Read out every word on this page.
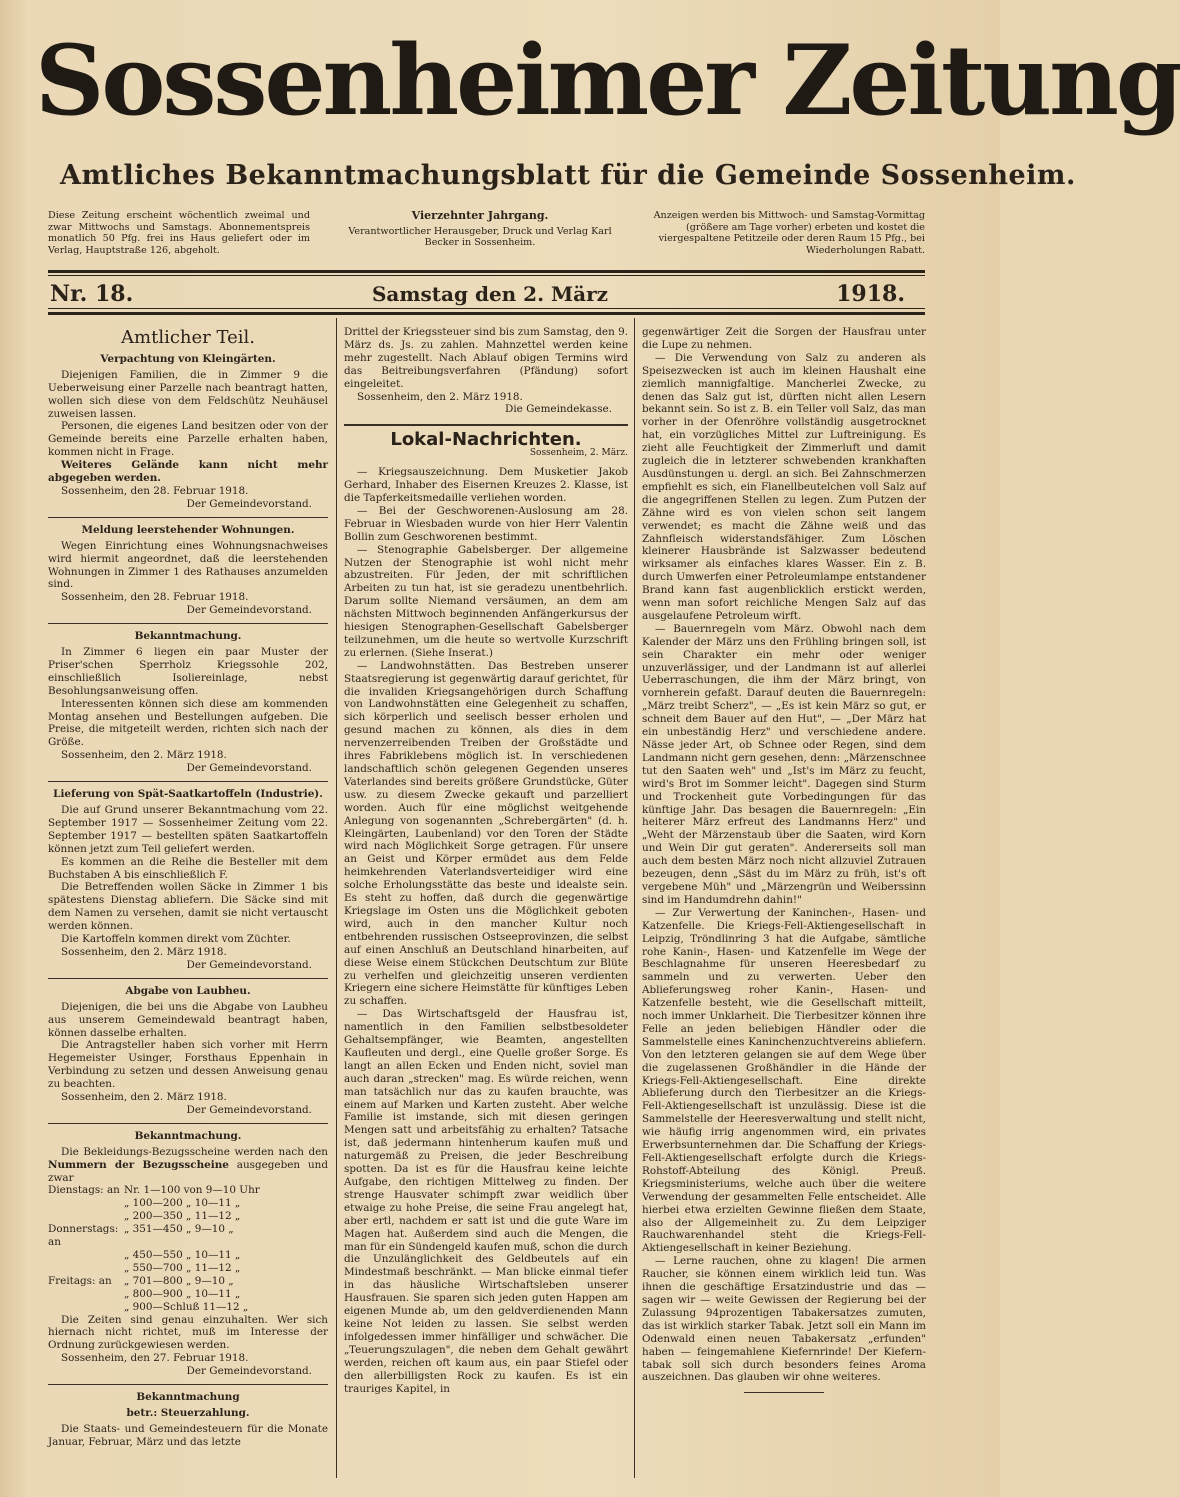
Sossenheimer Zeitung
Amtliches Bekanntmachungsblatt für die Gemeinde Sossenheim.
Diese Zeitung erscheint wöchentlich zweimal und zwar Mittwochs und Samstags. Abonnementspreis monatlich 50 Pfg. frei ins Haus geliefert oder im Verlag, Hauptstraße 126, abgeholt.
Vierzehnter Jahrgang.
Verantwortlicher Herausgeber, Druck und Verlag Karl Becker in Sossenheim.
Anzeigen werden bis Mittwoch- und Samstag-Vormittag (größere am Tage vorher) erbeten und kostet die viergespaltene Petitzeile oder deren Raum 15 Pfg., bei Wiederholungen Rabatt.
Nr. 18.	Samstag den 2. März	1918.
Amtlicher Teil.
Verpachtung von Kleingärten.

Diejenigen Familien, die in Zimmer 9 die Ueberweisung einer Parzelle nach beantragt hatten, wollen sich diese von dem Feldschütz Neuhäusel zuweisen lassen.

Personen, die eigenes Land besitzen oder von der Gemeinde bereits eine Parzelle erhalten haben, kommen nicht in Frage.

Weiteres Gelände kann nicht mehr abgegeben werden.

Sossenheim, den 28. Februar 1918.
Der Gemeindevorstand.
Meldung leerstehender Wohnungen.

Wegen Einrichtung eines Wohnungsnachweises wird hiermit angeordnet, daß die leerstehenden Wohnungen in Zimmer 1 des Rathauses anzumelden sind.

Sossenheim, den 28. Februar 1918.
Der Gemeindevorstand.
Bekanntmachung.

In Zimmer 6 liegen ein paar Muster der Priser'schen Sperrholz Kriegssohle 202, einschließlich Isoliereinlage, nebst Besohlungsanweisung offen.

Interessenten können sich diese am kommenden Montag ansehen und Bestellungen aufgeben. Die Preise, die mitgeteilt werden, richten sich nach der Größe.

Sossenheim, den 2. März 1918.
Der Gemeindevorstand.
Lieferung von Spät-Saatkartoffeln (Industrie).

Die auf Grund unserer Bekanntmachung vom 22. September 1917 — Sossenheimer Zeitung vom 22. September 1917 — bestellten späten Saatkartoffeln können jetzt zum Teil geliefert werden.

Es kommen an die Reihe die Besteller mit dem Buchstaben A bis einschließlich F.

Die Betreffenden wollen Säcke in Zimmer 1 bis spätestens Dienstag abliefern. Die Säcke sind mit dem Namen zu versehen, damit sie nicht vertauscht werden können.

Die Kartoffeln kommen direkt vom Züchter.

Sossenheim, den 2. März 1918.
Der Gemeindevorstand.
Abgabe von Laubheu.

Diejenigen, die bei uns die Abgabe von Laubheu aus unserem Gemeindewald beantragt haben, können dasselbe erhalten.

Die Antragsteller haben sich vorher mit Herrn Hegemeister Usinger, Forsthaus Eppenhain in Verbindung zu setzen und dessen Anweisung genau zu beachten.

Sossenheim, den 2. März 1918.
Der Gemeindevorstand.
Bekanntmachung.

Die Bekleidungs-Bezugsscheine werden nach den Nummern der Bezugsscheine ausgegeben und zwar

Dienstags: an Nr. 1—100 von 9—10 Uhr
„ 100—200 „ 10—11 „
„ 200—350 „ 11—12 „
Donnerstags: an
„ 351—450 „ 9—10 „
„ 450—550 „ 10—11 „
„ 550—700 „ 11—12 „
Freitags: an	„ 701—800 „ 9—10 „
„ 800—900 „ 10—11 „
„ 900—Schluß 11—12 „

Die Zeiten sind genau einzuhalten. Wer sich hiernach nicht richtet, muß im Interesse der Ordnung zurückgewiesen werden.

Sossenheim, den 27. Februar 1918.
Der Gemeindevorstand.
Bekanntmachung
betr.: Steuerzahlung.

Die Staats- und Gemeindesteuern für die Monate Januar, Februar, März und das letzte

Drittel der Kriegssteuer sind bis zum Samstag, den 9. März ds. Js. zu zahlen. Mahnzettel werden keine mehr zugestellt. Nach Ablauf obigen Termins wird das Beitreibungsverfahren (Pfändung) sofort eingeleitet.

Sossenheim, den 2. März 1918.
Die Gemeindekasse.
Lokal-Nachrichten.
Sossenheim, 2. März.

— Kriegsauszeichnung. Dem Musketier Jakob Gerhard, Inhaber des Eisernen Kreuzes 2. Klasse, ist die Tapferkeitsmedaille verliehen worden.

— Bei der Geschworenen-Auslosung am 28. Februar in Wiesbaden wurde von hier Herr Valentin Bollin zum Geschworenen bestimmt.

— Stenographie Gabelsberger. Der allgemeine Nutzen der Stenographie ist wohl nicht mehr abzustreiten. Für Jeden, der mit schriftlichen Arbeiten zu tun hat, ist sie geradezu unentbehrlich. Darum sollte Niemand versäumen, an dem am nächsten Mittwoch beginnenden Anfängerkursus der hiesigen Stenographen-Gesellschaft Gabelsberger teilzunehmen, um die heute so wertvolle Kurzschrift zu erlernen. (Siehe Inserat.)

— Landwohnstätten. Das Bestreben unserer Staatsregierung ist gegenwärtig darauf gerichtet, für die invaliden Kriegsangehörigen durch Schaffung von Landwohnstätten eine Gelegenheit zu schaffen, sich körperlich und seelisch besser erholen und gesund machen zu können, als dies in dem nervenzerreibenden Treiben der Großstädte und ihres Fabriklebens möglich ist. In verschiedenen landschaftlich schön gelegenen Gegenden unseres Vaterlandes sind bereits größere Grundstücke, Güter usw. zu diesem Zwecke gekauft und parzelliert worden. Auch für eine möglichst weitgehende Anlegung von sogenannten „Schrebergärten" (d. h. Kleingärten, Laubenland) vor den Toren der Städte wird nach Möglichkeit Sorge getragen. Für unsere an Geist und Körper ermüdet aus dem Felde heimkehrenden Vaterlandsverteidiger wird eine solche Erholungsstätte das beste und idealste sein. Es steht zu hoffen, daß durch die gegenwärtige Kriegslage im Osten uns die Möglichkeit geboten wird, auch in den mancher Kultur noch entbehrenden russischen Ostseeprovinzen, die selbst auf einen Anschluß an Deutschland hinarbeiten, auf diese Weise einem Stückchen Deutschtum zur Blüte zu verhelfen und gleichzeitig unseren verdienten Kriegern eine sichere Heimstätte für künftiges Leben zu schaffen.

— Das Wirtschaftsgeld der Hausfrau ist, namentlich in den Familien selbstbesoldeter Gehaltsempfänger, wie Beamten, angestellten Kaufleuten und dergl., eine Quelle großer Sorge. Es langt an allen Ecken und Enden nicht, soviel man auch daran „strecken" mag. Es würde reichen, wenn man tatsächlich nur das zu kaufen brauchte, was einem auf Marken und Karten zusteht. Aber welche Familie ist imstande, sich mit diesen geringen Mengen satt und arbeitsfähig zu erhalten? Tatsache ist, daß jedermann hintenherum kaufen muß und naturgemäß zu Preisen, die jeder Beschreibung spotten. Da ist es für die Hausfrau keine leichte Aufgabe, den richtigen Mittelweg zu finden. Der strenge Hausvater schimpft zwar weidlich über etwaige zu hohe Preise, die seine Frau angelegt hat, aber ertl, nachdem er satt ist und die gute Ware im Magen hat. Außerdem sind auch die Mengen, die man für ein Sündengeld kaufen muß, schon die durch die Unzulänglichkeit des Geldbeutels auf ein Mindestmaß beschränkt. — Man blicke einmal tiefer in das häusliche Wirtschaftsleben unserer Hausfrauen. Sie sparen sich jeden guten Happen am eigenen Munde ab, um den geldverdienenden Mann keine Not leiden zu lassen. Sie selbst werden infolgedessen immer hinfälliger und schwächer. Die „Teuerungszulagen", die neben dem Gehalt gewährt werden, reichen oft kaum aus, ein paar Stiefel oder den allerbilligsten Rock zu kaufen. Es ist ein trauriges Kapitel, in

gegenwärtiger Zeit die Sorgen der Hausfrau unter die Lupe zu nehmen.

— Die Verwendung von Salz zu anderen als Speisezwecken ist auch im kleinen Haushalt eine ziemlich mannigfaltige. Mancherlei Zwecke, zu denen das Salz gut ist, dürften nicht allen Lesern bekannt sein. So ist z. B. ein Teller voll Salz, das man vorher in der Ofenröhre vollständig ausgetrocknet hat, ein vorzügliches Mittel zur Luftreinigung. Es zieht alle Feuchtigkeit der Zimmerluft und damit zugleich die in letzterer schwebenden krankhaften Ausdünstungen u. dergl. an sich. Bei Zahnschmerzen empfiehlt es sich, ein Flanellbeutelchen voll Salz auf die angegriffenen Stellen zu legen. Zum Putzen der Zähne wird es von vielen schon seit langem verwendet; es macht die Zähne weiß und das Zahnfleisch widerstandsfähiger. Zum Löschen kleinerer Hausbrände ist Salzwasser bedeutend wirksamer als einfaches klares Wasser. Ein z. B. durch Umwerfen einer Petroleumlampe entstandener Brand kann fast augenblicklich erstickt werden, wenn man sofort reichliche Mengen Salz auf das ausgelaufene Petroleum wirft.

— Bauernregeln vom März. Obwohl nach dem Kalender der März uns den Frühling bringen soll, ist sein Charakter ein mehr oder weniger unzuverlässiger, und der Landmann ist auf allerlei Ueberraschungen, die ihm der März bringt, von vornherein gefaßt. Darauf deuten die Bauernregeln: „März treibt Scherz", — „Es ist kein März so gut, er schneit dem Bauer auf den Hut", — „Der März hat ein unbeständig Herz" und verschiedene andere. Nässe jeder Art, ob Schnee oder Regen, sind dem Landmann nicht gern gesehen, denn: „Märzenschnee tut den Saaten weh" und „Ist's im März zu feucht, wird's Brot im Sommer leicht". Dagegen sind Sturm und Trockenheit gute Vorbedingungen für das künftige Jahr. Das besagen die Bauernregeln: „Ein heiterer März erfreut des Landmanns Herz" und „Weht der Märzenstaub über die Saaten, wird Korn und Wein Dir gut geraten". Andererseits soll man auch dem besten März noch nicht allzuviel Zutrauen bezeugen, denn „Säst du im März zu früh, ist's oft vergebene Müh" und „Märzengrün und Weiberssinn sind im Handumdrehn dahin!"

— Zur Verwertung der Kaninchen-, Hasen- und Katzenfelle. Die Kriegs-Fell-Aktiengesellschaft in Leipzig, Tröndlinring 3 hat die Aufgabe, sämtliche rohe Kanin-, Hasen- und Katzenfelle im Wege der Beschlagnahme für unseren Heeresbedarf zu sammeln und zu verwerten. Ueber den Ablieferungsweg roher Kanin-, Hasen- und Katzenfelle besteht, wie die Gesellschaft mitteilt, noch immer Unklarheit. Die Tierbesitzer können ihre Felle an jeden beliebigen Händler oder die Sammelstelle eines Kaninchenzuchtvereins abliefern. Von den letzteren gelangen sie auf dem Wege über die zugelassenen Großhändler in die Hände der Kriegs-Fell-Aktiengesellschaft. Eine direkte Ablieferung durch den Tierbesitzer an die Kriegs-Fell-Aktiengesellschaft ist unzulässig. Diese ist die Sammelstelle der Heeresverwaltung und stellt nicht, wie häufig irrig angenommen wird, ein privates Erwerbsunternehmen dar. Die Schaffung der Kriegs-Fell-Aktiengesellschaft erfolgte durch die Kriegs-Rohstoff-Abteilung des Königl. Preuß. Kriegsministeriums, welche auch über die weitere Verwendung der gesammelten Felle entscheidet. Alle hierbei etwa erzielten Gewinne fließen dem Staate, also der Allgemeinheit zu. Zu dem Leipziger Rauchwarenhandel steht die Kriegs-Fell-Aktiengesellschaft in keiner Beziehung.

— Lerne rauchen, ohne zu klagen! Die armen Raucher, sie können einem wirklich leid tun. Was ihnen die geschäftige Ersatzindustrie und das — sagen wir — weite Gewissen der Regierung bei der Zulassung 94prozentigen Tabakersatzes zumuten, das ist wirklich starker Tabak. Jetzt soll ein Mann im Odenwald einen neuen Tabakersatz „erfunden" haben — feingemahlene Kiefernrinde! Der Kiefern-tabak soll sich durch besonders feines Aroma auszeichnen. Das glauben wir ohne weiteres.
